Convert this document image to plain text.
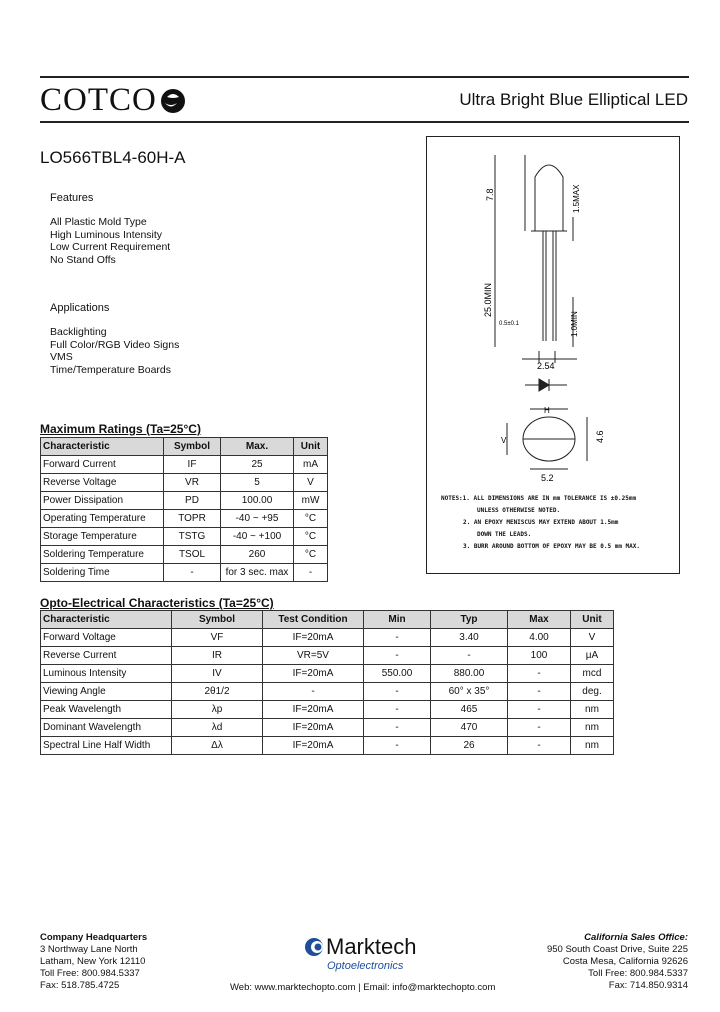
COTCO	Ultra Bright Blue Elliptical LED
LO566TBL4-60H-A
Features
All Plastic Mold Type
High Luminous Intensity
Low Current Requirement
No Stand Offs
Applications
Backlighting
Full Color/RGB Video Signs
VMS
Time/Temperature Boards
Maximum Ratings (Ta=25°C)
Characteristic	Symbol	Max.	Unit
Forward Current	IF	25	mA
Reverse Voltage	VR	5	V
Power Dissipation	PD	100.00	mW
Operating Temperature	TOPR	-40 ~ +95	°C
Storage Temperature	TSTG	-40 ~ +100	°C
Soldering Temperature	TSOL	260	°C
Soldering Time	-	for 3 sec. max	-
7.8	1.5MAX
25.0MIN
1.0MIN
0.5±0.1
2.54
H
V	4.6
5.2
NOTES:1. ALL DIMENSIONS ARE IN mm TOLERANCE IS ±0.25mm
UNLESS OTHERWISE NOTED.
2. AN EPOXY MENISCUS MAY EXTEND ABOUT 1.5mm
DOWN THE LEADS.
3. BURR AROUND BOTTOM OF EPOXY MAY BE 0.5 mm MAX.
Opto-Electrical Characteristics (Ta=25°C)
Characteristic	Symbol	Test Condition	Min	Typ	Max	Unit
Forward Voltage	VF	IF=20mA	-	3.40	4.00	V
Reverse Current	IR	VR=5V	-	-	100	μA
Luminous Intensity	IV	IF=20mA	550.00	880.00	-	mcd
Viewing Angle	2θ1/2	-	-	60° x 35°	-	deg.
Peak Wavelength	λp	IF=20mA	-	465	-	nm
Dominant Wavelength	λd	IF=20mA	-	470	-	nm
Spectral Line Half Width	Δλ	IF=20mA	-	26	-	nm
Company Headquarters
3 Northway Lane North
Latham, New York 12110
Toll Free: 800.984.5337
Fax: 518.785.4725
Marktech
Optoelectronics
Web: www.marktechopto.com | Email: info@marktechopto.com
California Sales Office:
950 South Coast Drive, Suite 225
Costa Mesa, California 92626
Toll Free: 800.984.5337
Fax: 714.850.9314
